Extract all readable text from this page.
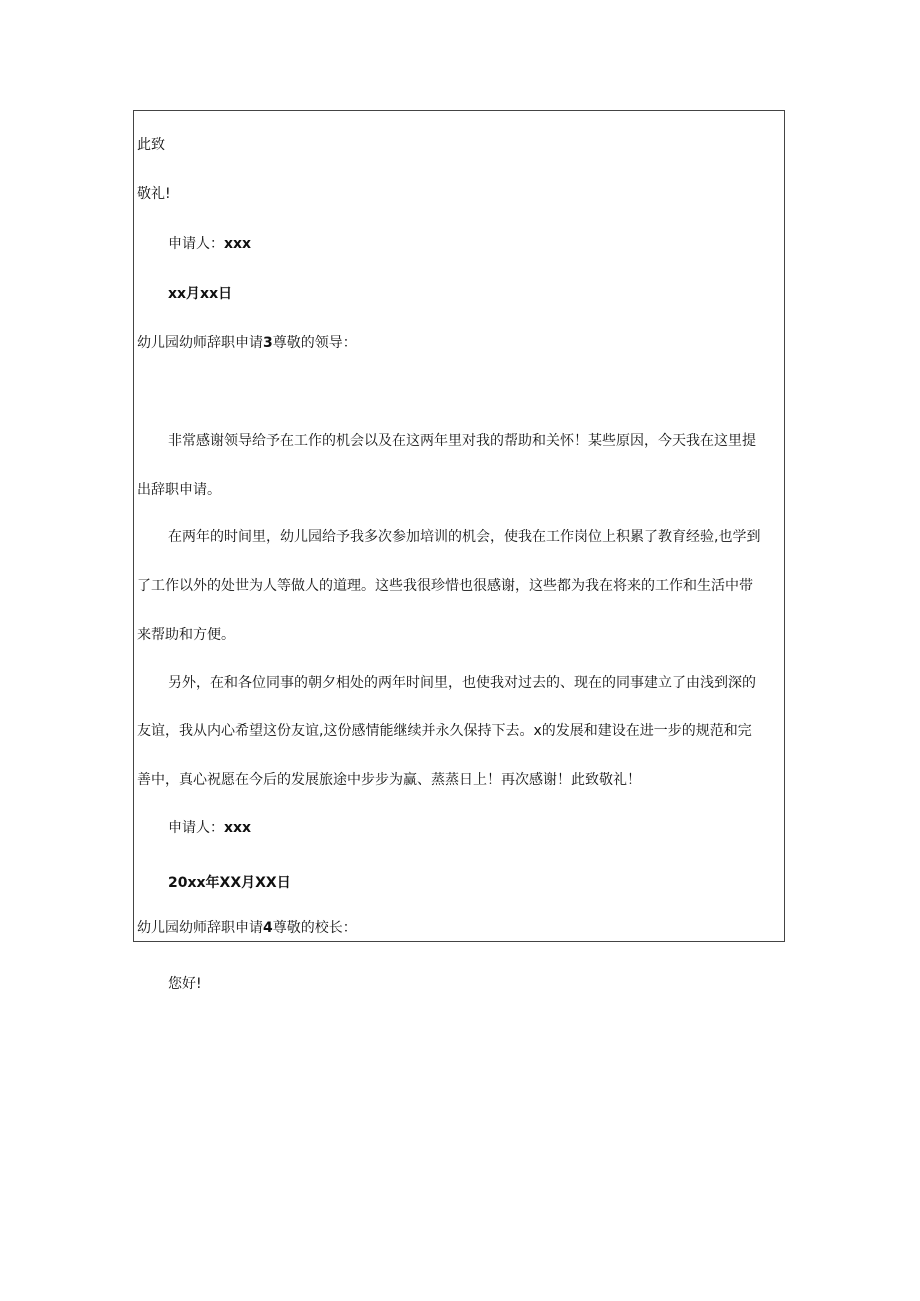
此致
敬礼!
申请人：xxx
xx月xx日
幼儿园幼师辞职申请3尊敬的领导：
非常感谢领导给予在工作的机会以及在这两年里对我的帮助和关怀！某些原因，今天我在这里提
出辞职申请。
在两年的时间里，幼儿园给予我多次参加培训的机会，使我在工作岗位上积累了教育经验,也学到
了工作以外的处世为人等做人的道理。这些我很珍惜也很感谢，这些都为我在将来的工作和生活中带
来帮助和方便。
另外，在和各位同事的朝夕相处的两年时间里，也使我对过去的、现在的同事建立了由浅到深的
友谊，我从内心希望这份友谊,这份感情能继续并永久保持下去。x的发展和建设在进一步的规范和完
善中，真心祝愿在今后的发展旅途中步步为赢、蒸蒸日上！再次感谢！此致敬礼！
申请人：xxx
20xx年XX月XX日
幼儿园幼师辞职申请4尊敬的校长：
您好!
